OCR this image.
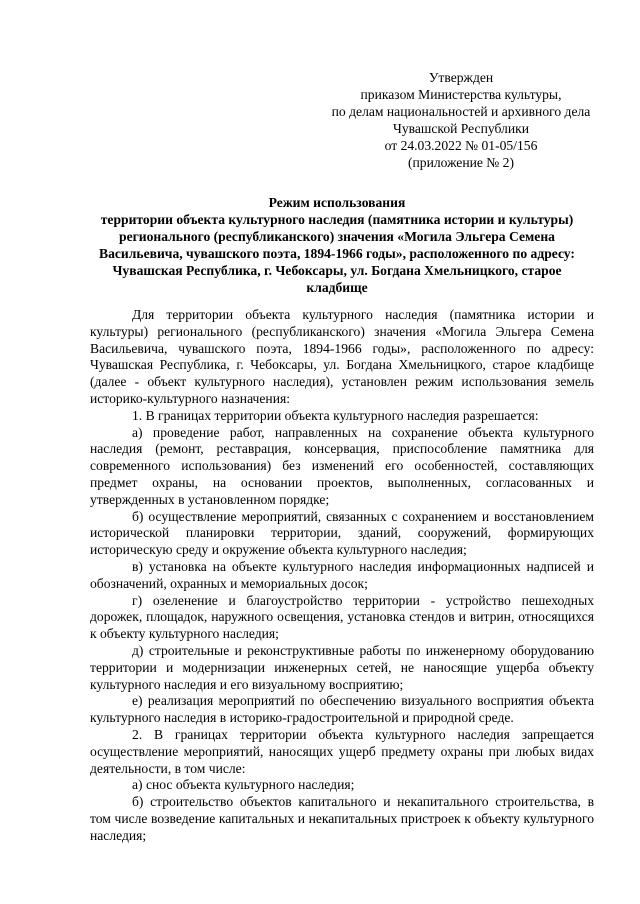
Утвержден
приказом Министерства культуры,
по делам национальностей и архивного дела
Чувашской Республики
от 24.03.2022 № 01-05/156
(приложение № 2)
Режим использования
территории объекта культурного наследия (памятника истории и культуры)
регионального (республиканского) значения «Могила Эльгера Семена
Васильевича, чувашского поэта, 1894-1966 годы», расположенного по адресу:
Чувашская Республика, г. Чебоксары, ул. Богдана Хмельницкого, старое
кладбище

Для территории объекта культурного наследия (памятника истории и культуры) регионального (республиканского) значения «Могила Эльгера Семена Васильевича, чувашского поэта, 1894-1966 годы», расположенного по адресу: Чувашская Республика, г. Чебоксары, ул. Богдана Хмельницкого, старое кладбище (далее - объект культурного наследия), установлен режим использования земель историко-культурного назначения:

1. В границах территории объекта культурного наследия разрешается:

а) проведение работ, направленных на сохранение объекта культурного наследия (ремонт, реставрация, консервация, приспособление памятника для современного использования) без изменений его особенностей, составляющих предмет охраны, на основании проектов, выполненных, согласованных и утвержденных в установленном порядке;

б) осуществление мероприятий, связанных с сохранением и восстановлением исторической планировки территории, зданий, сооружений, формирующих историческую среду и окружение объекта культурного наследия;

в) установка на объекте культурного наследия информационных надписей и обозначений, охранных и мемориальных досок;

г) озеленение и благоустройство территории - устройство пешеходных дорожек, площадок, наружного освещения, установка стендов и витрин, относящихся к объекту культурного наследия;

д) строительные и реконструктивные работы по инженерному оборудованию территории и модернизации инженерных сетей, не наносящие ущерба объекту культурного наследия и его визуальному восприятию;

е) реализация мероприятий по обеспечению визуального восприятия объекта культурного наследия в историко-градостроительной и природной среде.

2. В границах территории объекта культурного наследия запрещается осуществление мероприятий, наносящих ущерб предмету охраны при любых видах деятельности, в том числе:

а) снос объекта культурного наследия;

б) строительство объектов капитального и некапитального строительства, в том числе возведение капитальных и некапитальных пристроек к объекту культурного наследия;
